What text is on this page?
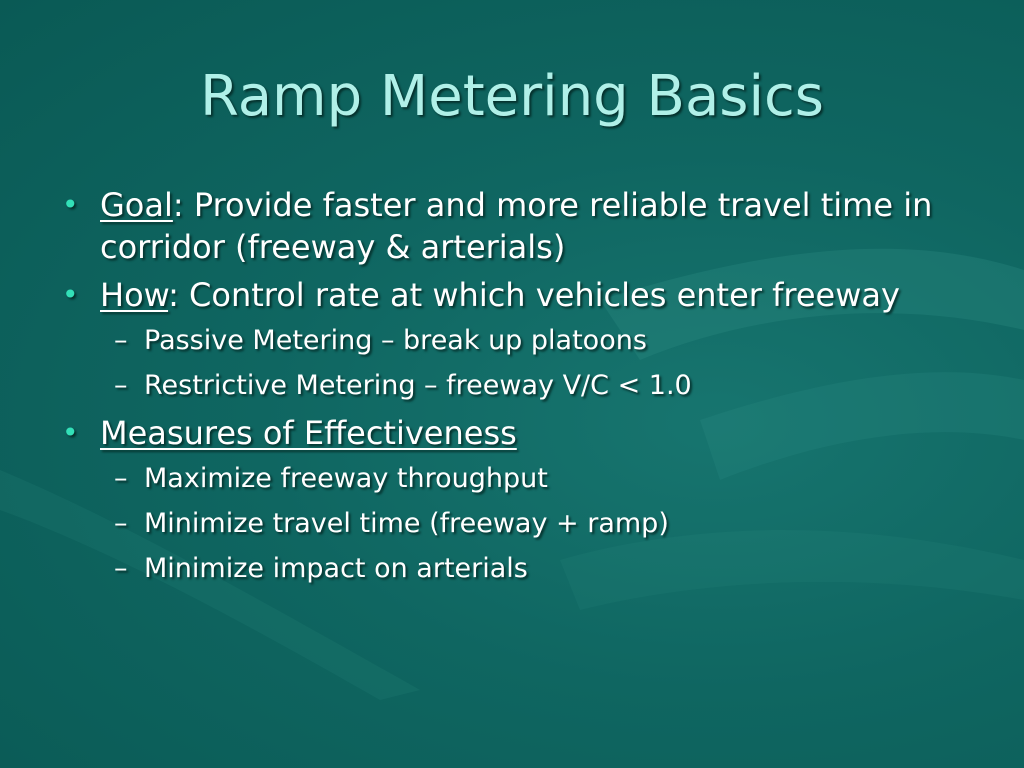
Ramp Metering Basics
• Goal: Provide faster and more reliable travel time in corridor (freeway & arterials)
• How: Control rate at which vehicles enter freeway
– Passive Metering – break up platoons
– Restrictive Metering – freeway V/C < 1.0
• Measures of Effectiveness
– Maximize freeway throughput
– Minimize travel time (freeway + ramp)
– Minimize impact on arterials
